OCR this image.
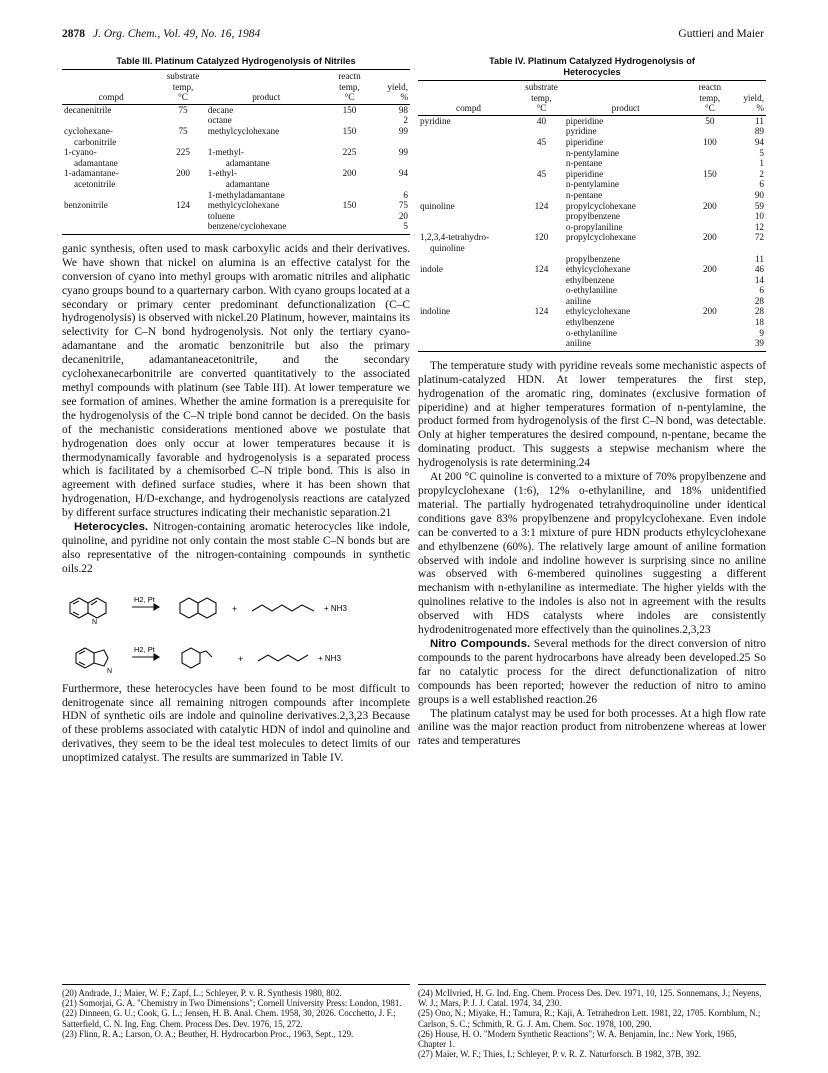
2878 J. Org. Chem., Vol. 49, No. 16, 1984	Guttieri and Maier
Table III. Platinum Catalyzed Hydrogenolysis of Nitriles
	substrate		reactn	
	temp,		temp,	yield,
compd	°C	product	°C	%
decanenitrile	75	decane	150	98
		octane		2
cyclohexane-	75	methylcyclohexane	150	99
carbonitrile				
1-cyano-	225	1-methyl-	225	99
adamantane		adamantane		
1-adamantane-	200	1-ethyl-	200	94
acetonitrile		adamantane		
		1-methyladamantane		6
benzonitrile	124	methylcyclohexane	150	75
		toluene		20
		benzene/cyclohexane		5

ganic synthesis, often used to mask carboxylic acids and their derivatives. We have shown that nickel on alumina is an effective catalyst for the conversion of cyano into methyl groups with aromatic nitriles and aliphatic cyano groups bound to a quarternary carbon. With cyano groups located at a secondary or primary center predominant defunctionalization (C–C hydrogenolysis) is observed with nickel.20 Platinum, however, maintains its selectivity for C–N bond hydrogenolysis. Not only the tertiary cyano-adamantane and the aromatic benzonitrile but also the primary decanenitrile, adamantaneacetonitrile, and the secondary cyclohexanecarbonitrile are converted quantitatively to the associated methyl compounds with platinum (see Table III). At lower temperature we see formation of amines. Whether the amine formation is a prerequisite for the hydrogenolysis of the C–N triple bond cannot be decided. On the basis of the mechanistic considerations mentioned above we postulate that hydrogenation does only occur at lower temperatures because it is thermodynamically favorable and hydrogenolysis is a separated process which is facilitated by a chemisorbed C–N triple bond. This is also in agreement with defined surface studies, where it has been shown that hydrogenation, H/D-exchange, and hydrogenolysis reactions are catalyzed by different surface structures indicating their mechanistic separation.21

Heterocycles. Nitrogen-containing aromatic heterocycles like indole, quinoline, and pyridine not only contain the most stable C–N bonds but are also representative of the nitrogen-containing compounds in synthetic oils.22

N
N
H2, Pt
H2, Pt
+
+
+ NH3
+ NH3

Furthermore, these heterocycles have been found to be most difficult to denitrogenate since all remaining nitrogen compounds after incomplete HDN of synthetic oils are indole and quinoline derivatives.2,3,23 Because of these problems associated with catalytic HDN of indol and quinoline and derivatives, they seem to be the ideal test molecules to detect limits of our unoptimized catalyst. The results are summarized in Table IV.

Table IV. Platinum Catalyzed Hydrogenolysis of
Heterocycles
	substrate		reactn	
	temp,		temp,	yield,
compd	°C	product	°C	%
pyridine	40	piperidine	50	11
		pyridine		89
	45	piperidine	100	94
		n-pentylamine		5
		n-pentane		1
	45	piperidine	150	2
		n-pentylamine		6
		n-pentane		90
quinoline	124	propylcyclohexane	200	59
		propylbenzene		10
		o-propylaniline		12
1,2,3,4-tetrahydro-	120	propylcyclohexane	200	72
quinoline				
		propylbenzene		11
indole	124	ethylcyclohexane	200	46
		ethylbenzene		14
		o-ethylaniline		6
		aniline		28
indoline	124	ethylcyclohexane	200	28
		ethylbenzene		18
		o-ethylaniline		9
		aniline		39

The temperature study with pyridine reveals some mechanistic aspects of platinum-catalyzed HDN. At lower temperatures the first step, hydrogenation of the aromatic ring, dominates (exclusive formation of piperidine) and at higher temperatures formation of n-pentylamine, the product formed from hydrogenolysis of the first C–N bond, was detectable. Only at higher temperatures the desired compound, n-pentane, became the dominating product. This suggests a stepwise mechanism where the hydrogenolysis is rate determining.24

At 200 °C quinoline is converted to a mixture of 70% propylbenzene and propylcyclohexane (1:6), 12% o-ethylaniline, and 18% unidentified material. The partially hydrogenated tetrahydroquinoline under identical conditions gave 83% propylbenzene and propylcyclohexane. Even indole can be converted to a 3:1 mixture of pure HDN products ethylcyclohexane and ethylbenzene (60%). The relatively large amount of aniline formation observed with indole and indoline however is surprising since no aniline was observed with 6-membered quinolines suggesting a different mechanism with n-ethylaniline as intermediate. The higher yields with the quinolines relative to the indoles is also not in agreement with the results observed with HDS catalysts where indoles are consistently hydrodenitrogenated more effectively than the quinolines.2,3,23

Nitro Compounds. Several methods for the direct conversion of nitro compounds to the parent hydrocarbons have already been developed.25 So far no catalytic process for the direct defunctionalization of nitro compounds has been reported; however the reduction of nitro to amino groups is a well established reaction.26

The platinum catalyst may be used for both processes. At a high flow rate aniline was the major reaction product from nitrobenzene whereas at lower rates and temperatures

(20) Andrade, J.; Maier, W. F.; Zapf, L.; Schleyer, P. v. R. Synthesis 1980, 802.
(21) Somorjai, G. A. "Chemistry in Two Dimensions"; Cornell University Press: London, 1981.
(22) Dinneen, G. U.; Cook, G. L.; Jensen, H. B. Anal. Chem. 1958, 30, 2026. Cocchetto, J. F.; Satterfield, C. N. Ing. Eng. Chem. Process Des. Dev. 1976, 15, 272.
(23) Flinn, R. A.; Larson, O. A.; Beuther, H. Hydrocarbon Proc., 1963, Sept., 129.
(24) McIlvried, H. G. Ind. Eng. Chem. Process Des. Dev. 1971, 10, 125. Sonnemans, J.; Neyens, W. J.; Mars, P. J. J. Catal. 1974, 34, 230.
(25) Ono, N.; Miyake, H.; Tamura, R.; Kaji, A. Tetrahedron Lett. 1981, 22, 1705. Kornblum, N.; Carlson, S. C.; Schmith, R. G. J. Am. Chem. Soc. 1978, 100, 290.
(26) House, H. O. "Modern Synthetic Reactions"; W. A. Benjamin, Inc.: New York, 1965, Chapter 1.
(27) Maier, W. F.; Thies, I.; Schleyer, P. v. R. Z. Naturforsch. B 1982, 37B, 392.
